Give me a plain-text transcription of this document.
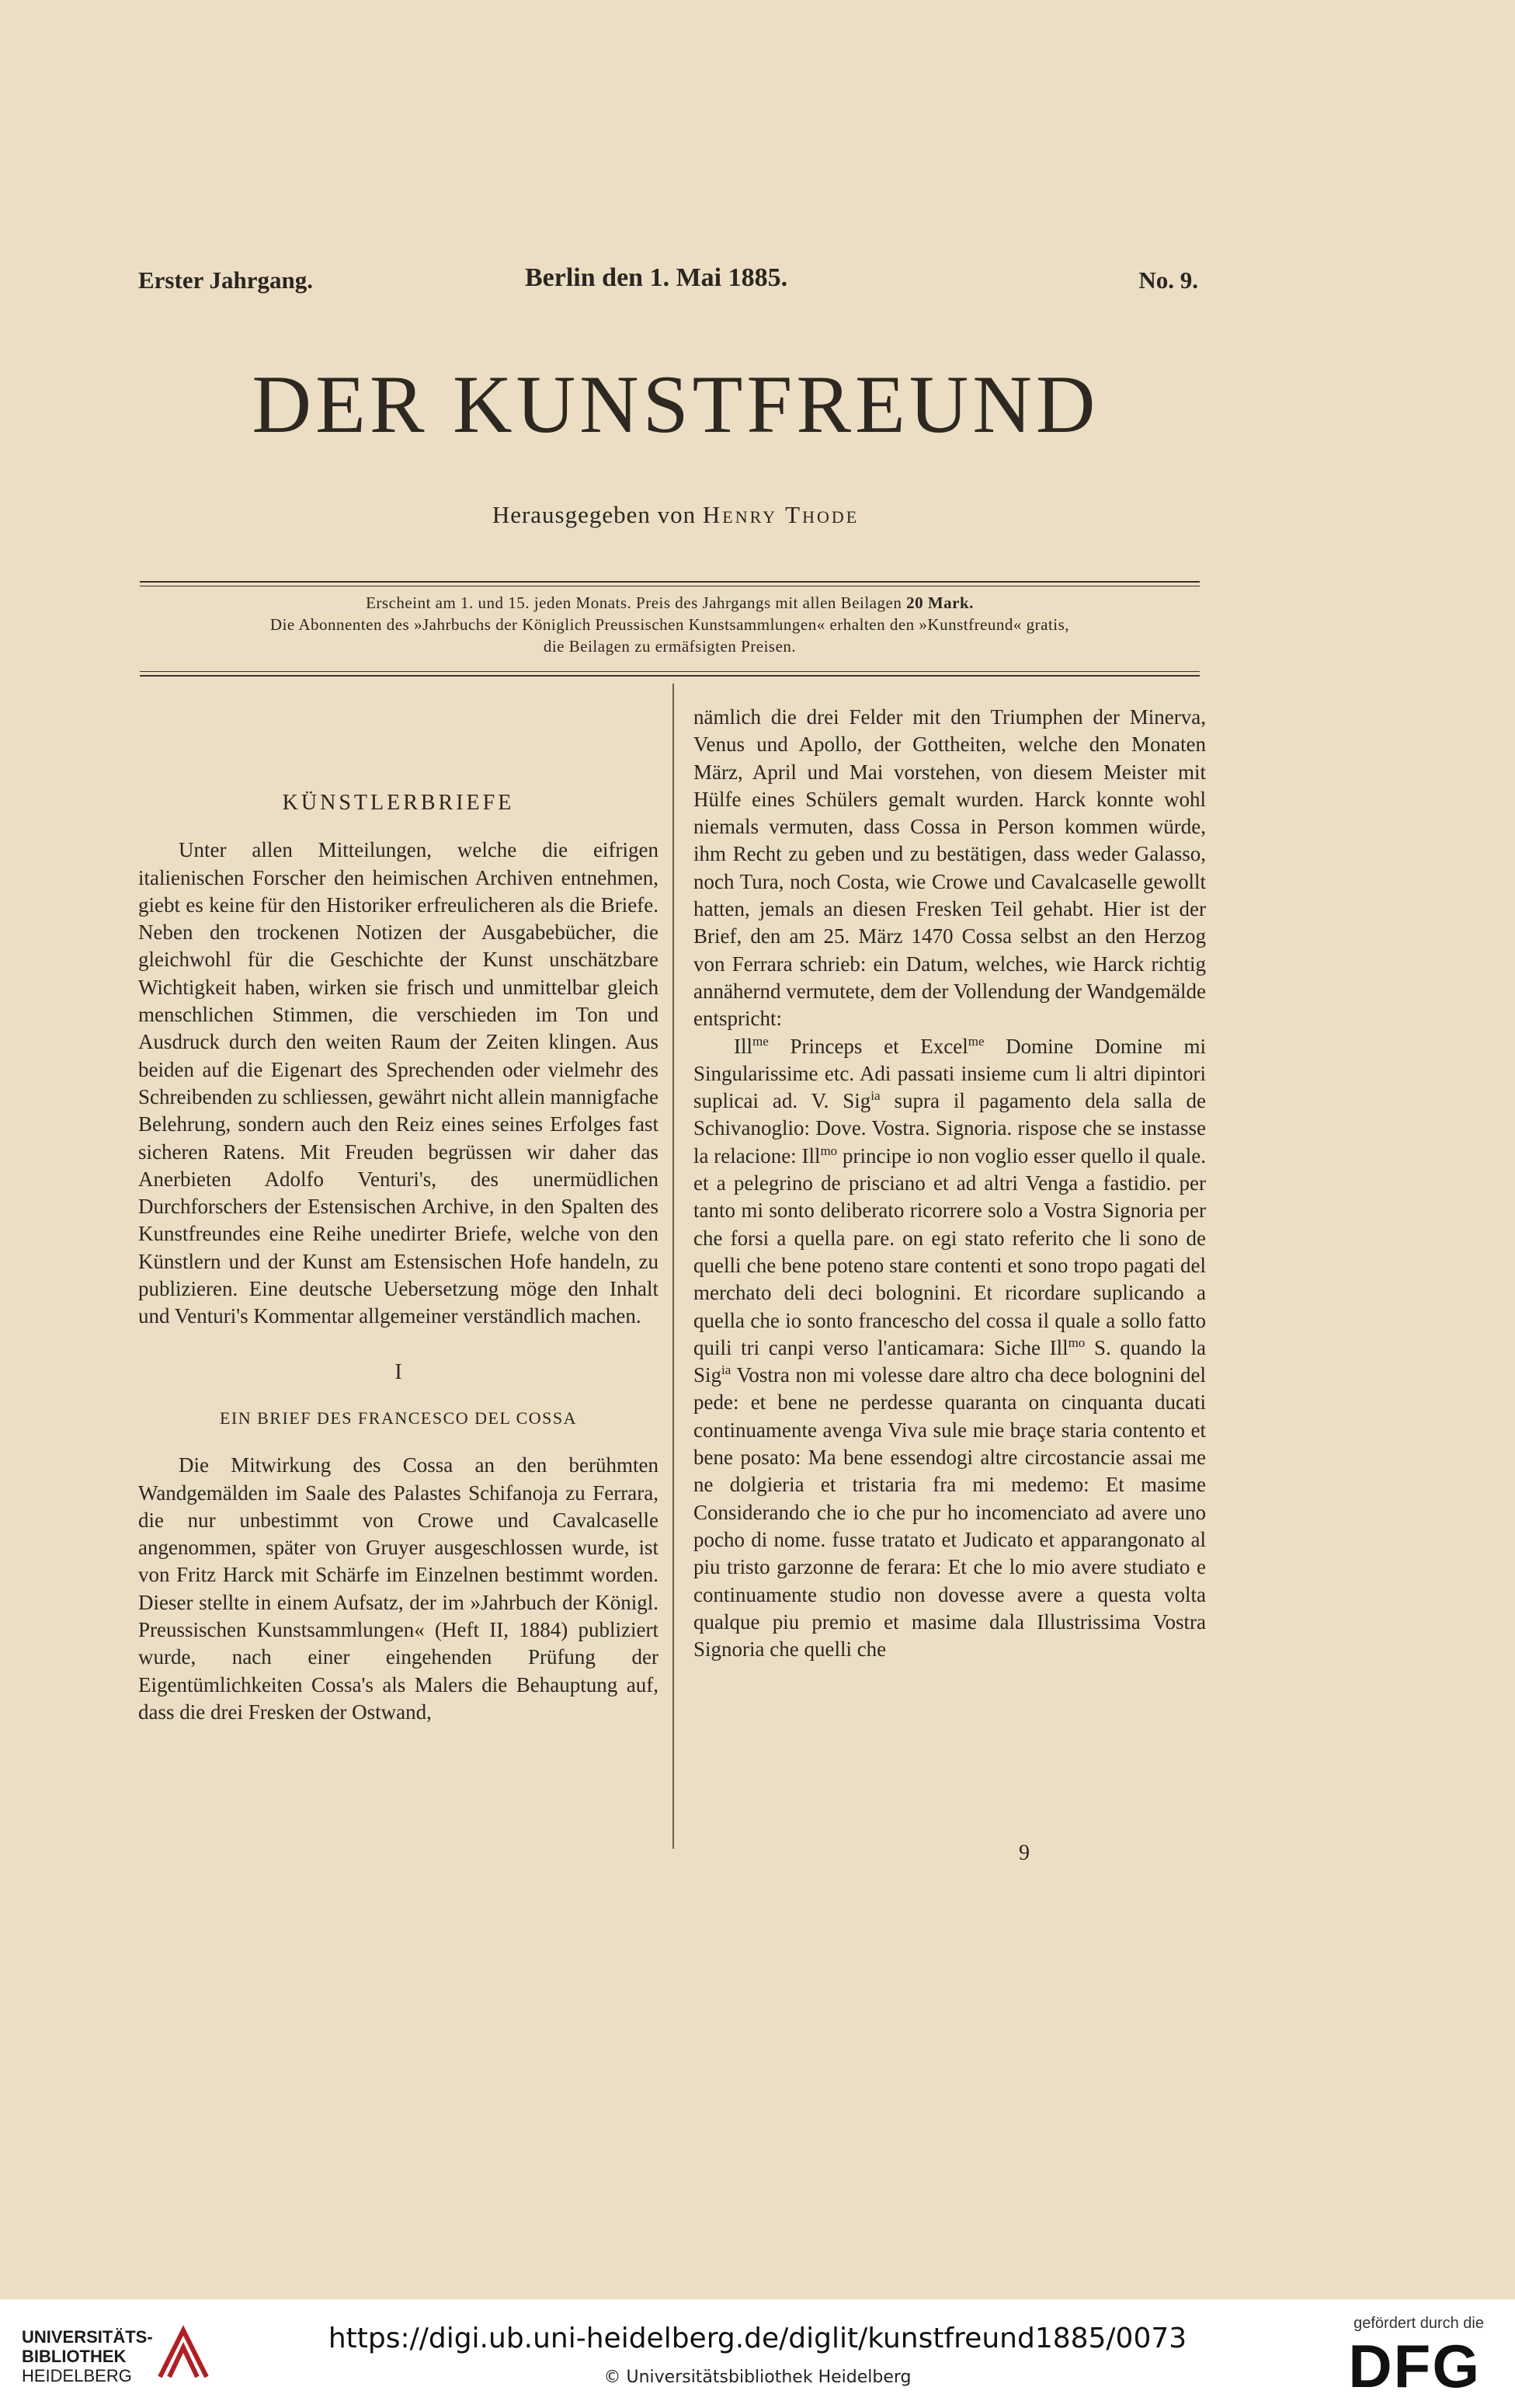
Erster Jahrgang.	Berlin den 1. Mai 1885.	No. 9.
DER KUNSTFREUND
Herausgegeben von Henry Thode
Erscheint am 1. und 15. jeden Monats. Preis des Jahrgangs mit allen Beilagen 20 Mark.
Die Abonnenten des »Jahrbuchs der Königlich Preussischen Kunstsammlungen« erhalten den »Kunstfreund« gratis,
die Beilagen zu ermäfsigten Preisen.
KÜNSTLERBRIEFE

Unter allen Mitteilungen, welche die eifrigen italienischen Forscher den heimischen Archiven entnehmen, giebt es keine für den Historiker erfreulicheren als die Briefe. Neben den trockenen Notizen der Ausgabebücher, die gleichwohl für die Geschichte der Kunst unschätzbare Wichtigkeit haben, wirken sie frisch und unmittelbar gleich menschlichen Stimmen, die verschieden im Ton und Ausdruck durch den weiten Raum der Zeiten klingen. Aus beiden auf die Eigenart des Sprechenden oder vielmehr des Schreibenden zu schliessen, gewährt nicht allein mannigfache Belehrung, sondern auch den Reiz eines seines Erfolges fast sicheren Ratens. Mit Freuden begrüssen wir daher das Anerbieten Adolfo Venturi's, des unermüdlichen Durchforschers der Estensischen Archive, in den Spalten des Kunstfreundes eine Reihe unedirter Briefe, welche von den Künstlern und der Kunst am Estensischen Hofe handeln, zu publizieren. Eine deutsche Uebersetzung möge den Inhalt und Venturi's Kommentar allgemeiner verständlich machen.

I
EIN BRIEF DES FRANCESCO DEL COSSA

Die Mitwirkung des Cossa an den berühmten Wandgemälden im Saale des Palastes Schifanoja zu Ferrara, die nur unbestimmt von Crowe und Cavalcaselle angenommen, später von Gruyer ausgeschlossen wurde, ist von Fritz Harck mit Schärfe im Einzelnen bestimmt worden. Dieser stellte in einem Aufsatz, der im »Jahrbuch der Königl. Preussischen Kunstsammlungen« (Heft II, 1884) publiziert wurde, nach einer eingehenden Prüfung der Eigentümlichkeiten Cossa's als Malers die Behauptung auf, dass die drei Fresken der Ostwand,

nämlich die drei Felder mit den Triumphen der Minerva, Venus und Apollo, der Gottheiten, welche den Monaten März, April und Mai vorstehen, von diesem Meister mit Hülfe eines Schülers gemalt wurden. Harck konnte wohl niemals vermuten, dass Cossa in Person kommen würde, ihm Recht zu geben und zu bestätigen, dass weder Galasso, noch Tura, noch Costa, wie Crowe und Cavalcaselle gewollt hatten, jemals an diesen Fresken Teil gehabt. Hier ist der Brief, den am 25. März 1470 Cossa selbst an den Herzog von Ferrara schrieb: ein Datum, welches, wie Harck richtig annähernd vermutete, dem der Vollendung der Wandgemälde entspricht:

Ill$^{me}$ Princeps et Excel$^{me}$ Domine Domine mi Singularissime etc. Adi passati insieme cum li altri dipintori suplicai ad. V. Sig$^{ia}$ supra il pagamento dela salla de Schivanoglio: Dove. Vostra. Signoria. rispose che se instasse la relacione: Ill$^{mo}$ principe io non voglio esser quello il quale. et a pelegrino de prisciano et ad altri Venga a fastidio. per tanto mi sonto deliberato ricorrere solo a Vostra Signoria per che forsi a quella pare. on egi stato referito che li sono de quelli che bene poteno stare contenti et sono tropo pagati del merchato deli deci bolognini. Et ricordare suplicando a quella che io sonto francescho del cossa il quale a sollo fatto quili tri canpi verso l'anticamara: Siche Ill$^{mo}$ S. quando la Sig$^{ia}$ Vostra non mi volesse dare altro cha dece bolognini del pede: et bene ne perdesse quaranta on cinquanta ducati continuamente avenga Viva sule mie braçe staria contento et bene posato: Ma bene essendogi altre circostancie assai me ne dolgieria et tristaria fra mi medemo: Et masime Considerando che io che pur ho incomenciato ad avere uno pocho di nome. fusse tratato et Judicato et apparangonato al piu tristo garzonne de ferara: Et che lo mio avere studiato e continuamente studio non dovesse avere a questa volta qualque piu premio et masime dala Illustrissima Vostra Signoria che quelli che

9
UNIVERSITÄTS-
BIBLIOTHEK
HEIDELBERG
https://digi.ub.uni-heidelberg.de/diglit/kunstfreund1885/0073
© Universitätsbibliothek Heidelberg
gefördert durch die
DFG
